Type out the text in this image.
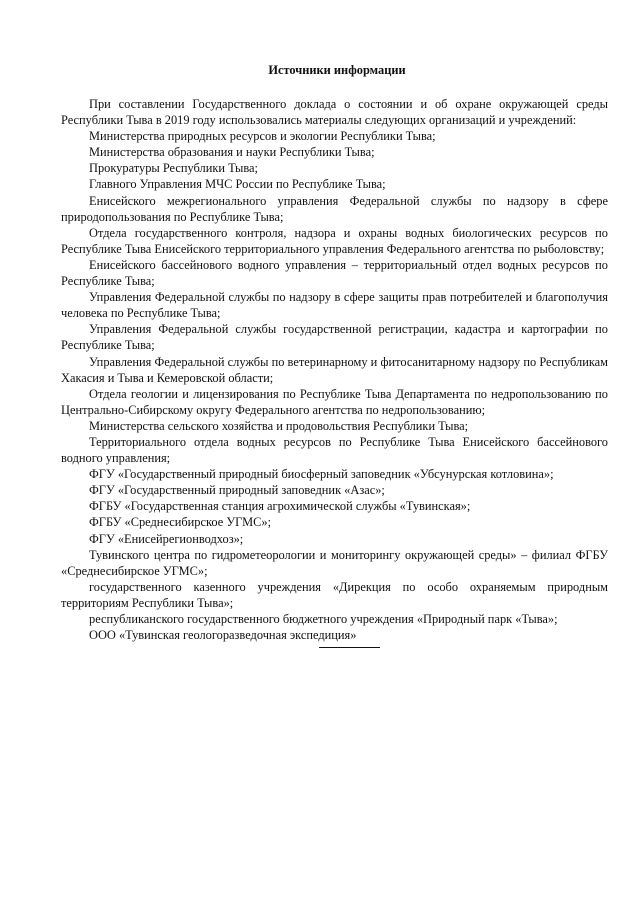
Источники информации

При составлении Государственного доклада о состоянии и об охране окружающей среды Республики Тыва в 2019 году использовались материалы следующих организаций и учреждений:

Министерства природных ресурсов и экологии Республики Тыва;

Министерства образования и науки Республики Тыва;

Прокуратуры Республики Тыва;

Главного Управления МЧС России по Республике Тыва;

Енисейского межрегионального управления Федеральной службы по надзору в сфере природопользования по Республике Тыва;

Отдела государственного контроля, надзора и охраны водных биологических ресурсов по Республике Тыва Енисейского территориального управления Федерального агентства по рыболовству;

Енисейского бассейнового водного управления – территориальный отдел водных ресурсов по Республике Тыва;

Управления Федеральной службы по надзору в сфере защиты прав потребителей и благополучия человека по Республике Тыва;

Управления Федеральной службы государственной регистрации, кадастра и картографии по Республике Тыва;

Управления Федеральной службы по ветеринарному и фитосанитарному надзору по Республикам Хакасия и Тыва и Кемеровской области;

Отдела геологии и лицензирования по Республике Тыва Департамента по недропользованию по Центрально-Сибирскому округу Федерального агентства по недропользованию;

Министерства сельского хозяйства и продовольствия Республики Тыва;

Территориального отдела водных ресурсов по Республике Тыва Енисейского бассейнового водного управления;

ФГУ «Государственный природный биосферный заповедник «Убсунурская котловина»;

ФГУ «Государственный природный заповедник «Азас»;

ФГБУ «Государственная станция агрохимической службы «Тувинская»;

ФГБУ «Среднесибирское УГМС»;

ФГУ «Енисейрегионводхоз»;

Тувинского центра по гидрометеорологии и мониторингу окружающей среды» – филиал ФГБУ «Среднесибирское УГМС»;

государственного казенного учреждения «Дирекция по особо охраняемым природным территориям Республики Тыва»;

республиканского государственного бюджетного учреждения «Природный парк «Тыва»;

ООО «Тувинская геологоразведочная экспедиция»
